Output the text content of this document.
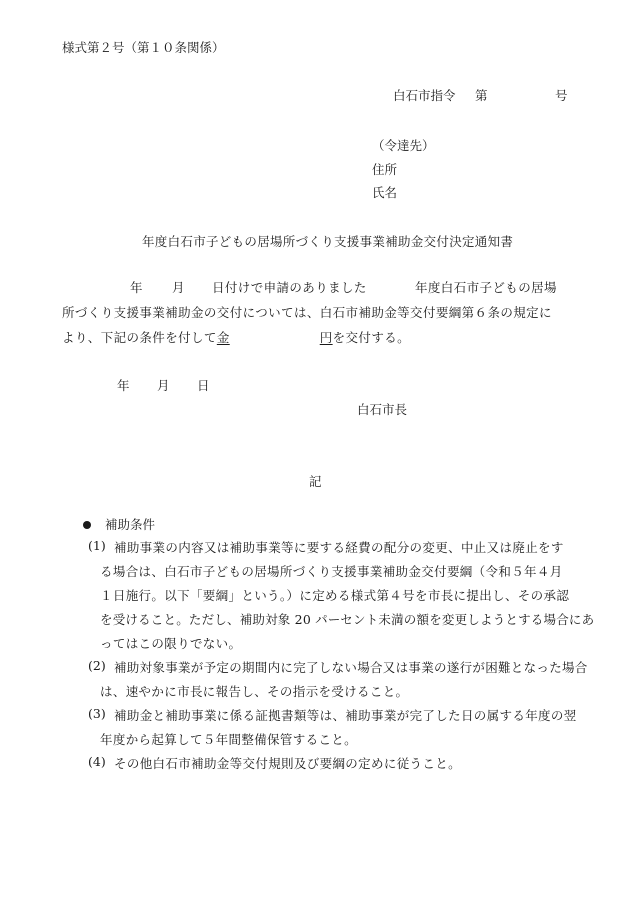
様式第２号（第１０条関係）
白石市指令 第	号
（令達先）
住所
氏名
年度白石市子どもの居場所づくり支援事業補助金交付決定通知書
年 月 日付けで申請のありました	年度白石市子どもの居場
所づくり支援事業補助金の交付については、白石市補助金等交付要綱第６条の規定に
より、下記の条件を付して金	円を交付する。
年 月 日
白石市長
記
補助条件
(1) 補助事業の内容又は補助事業等に要する経費の配分の変更、中止又は廃止をす
る場合は、白石市子どもの居場所づくり支援事業補助金交付要綱（令和５年４月
１日施行。以下「要綱」という。）に定める様式第４号を市長に提出し、その承認
を受けること。ただし、補助対象 20 パーセント未満の額を変更しようとする場合にあ
ってはこの限りでない。
(2) 補助対象事業が予定の期間内に完了しない場合又は事業の遂行が困難となった場合
は、速やかに市長に報告し、その指示を受けること。
(3) 補助金と補助事業に係る証拠書類等は、補助事業が完了した日の属する年度の翌
年度から起算して５年間整備保管すること。
(4) その他白石市補助金等交付規則及び要綱の定めに従うこと。
